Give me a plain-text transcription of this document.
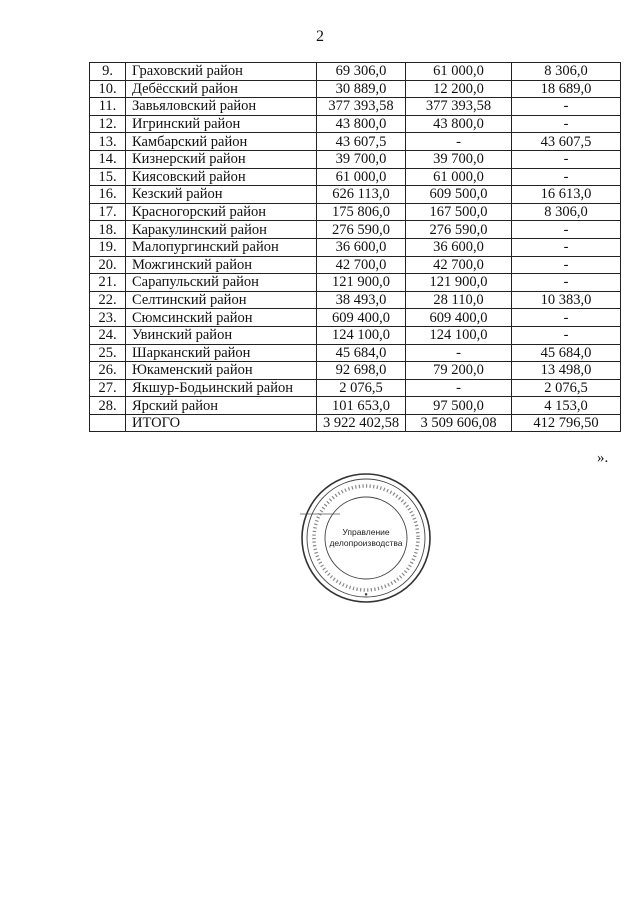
2
9.	Граховский район	69 306,0	61 000,0	8 306,0
10.	Дебёсский район	30 889,0	12 200,0	18 689,0
11.	Завьяловский район	377 393,58	377 393,58	-
12.	Игринский район	43 800,0	43 800,0	-
13.	Камбарский район	43 607,5	-	43 607,5
14.	Кизнерский район	39 700,0	39 700,0	-
15.	Киясовский район	61 000,0	61 000,0	-
16.	Кезский район	626 113,0	609 500,0	16 613,0
17.	Красногорский район	175 806,0	167 500,0	8 306,0
18.	Каракулинский район	276 590,0	276 590,0	-
19.	Малопургинский район	36 600,0	36 600,0	-
20.	Можгинский район	42 700,0	42 700,0	-
21.	Сарапульский район	121 900,0	121 900,0	-
22.	Селтинский район	38 493,0	28 110,0	10 383,0
23.	Сюмсинский район	609 400,0	609 400,0	-
24.	Увинский район	124 100,0	124 100,0	-
25.	Шарканский район	45 684,0	-	45 684,0
26.	Юкаменский район	92 698,0	79 200,0	13 498,0
27.	Якшур-Бодьинский район	2 076,5	-	2 076,5
28.	Ярский район	101 653,0	97 500,0	4 153,0
	ИТОГО	3 922 402,58	3 509 606,08	412 796,50
».
Управление
делопроизводства
●
